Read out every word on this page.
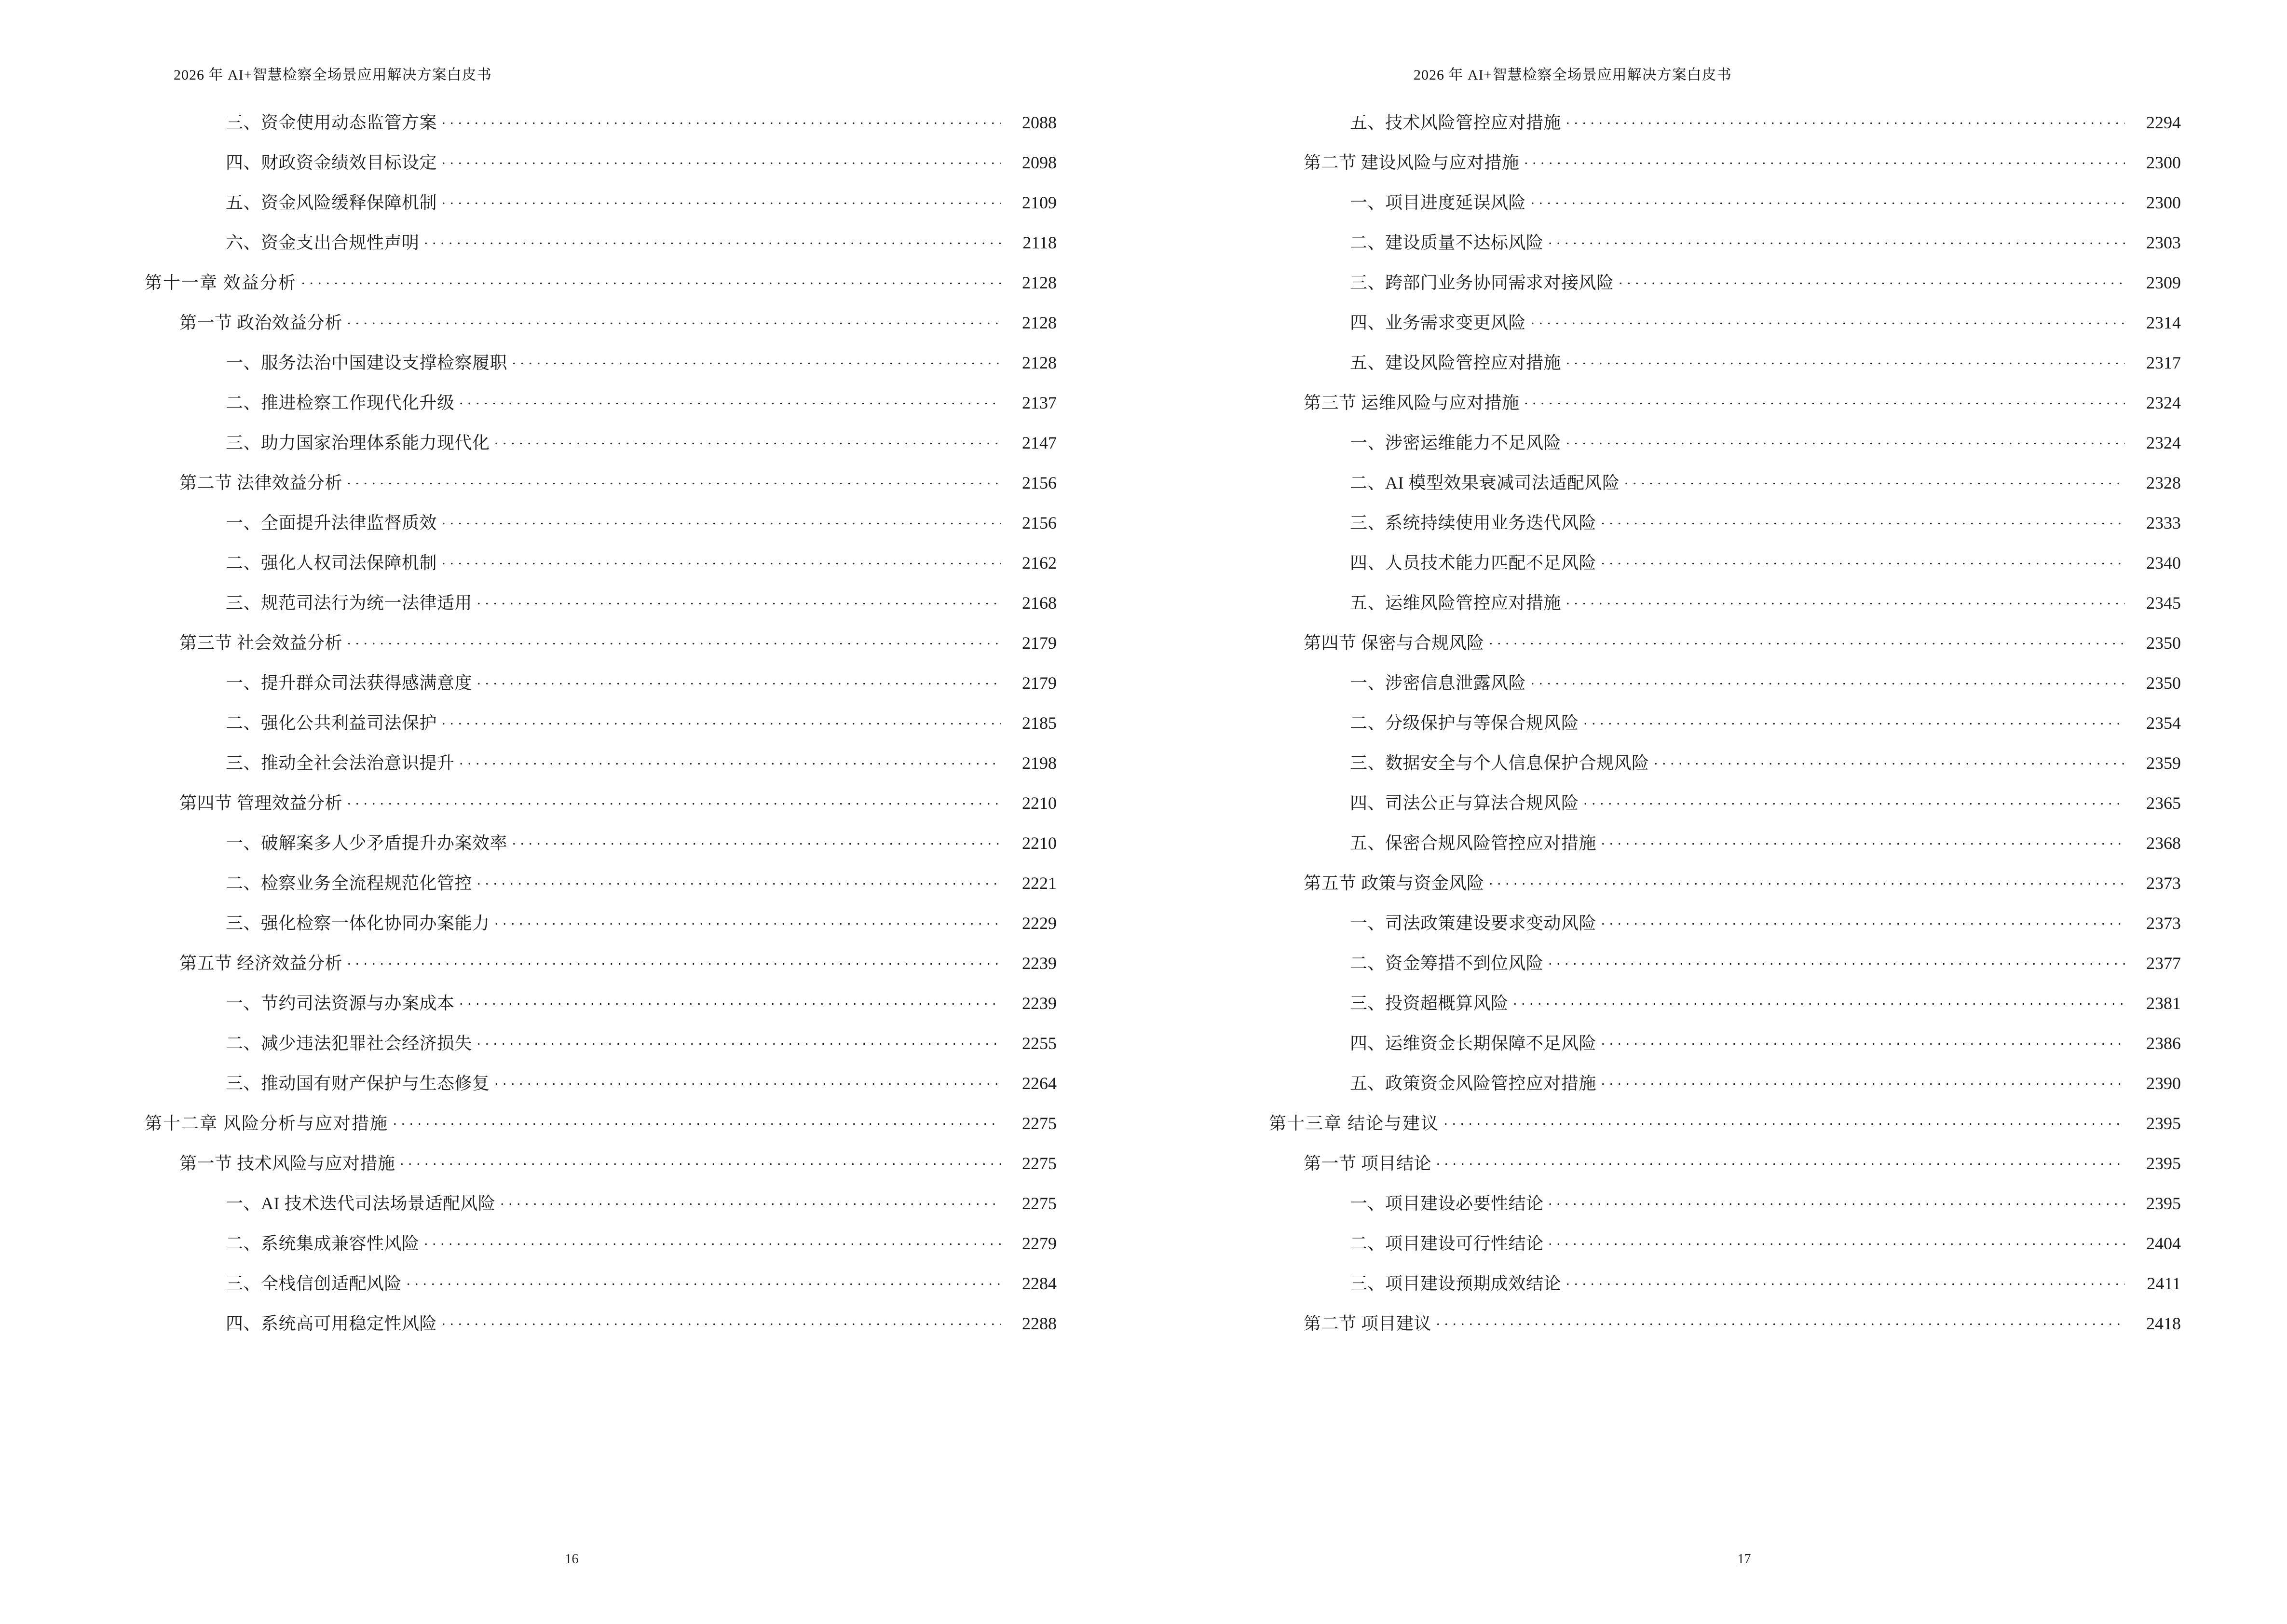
2026 年 AI+智慧检察全场景应用解决方案白皮书
三、资金使用动态监管方案 . . .	2088
四、财政资金绩效目标设定 . . .	2098
五、资金风险缓释保障机制 . . .	2109
六、资金支出合规性声明 . . .	2118
第十一章 效益分析 . . .	2128
第一节 政治效益分析 . . .	2128
一、服务法治中国建设支撑检察履职 . . .	2128
二、推进检察工作现代化升级 . . .	2137
三、助力国家治理体系能力现代化 . . .	2147
第二节 法律效益分析 . . .	2156
一、全面提升法律监督质效 . . .	2156
二、强化人权司法保障机制 . . .	2162
三、规范司法行为统一法律适用 . . .	2168
第三节 社会效益分析 . . .	2179
一、提升群众司法获得感满意度 . . .	2179
二、强化公共利益司法保护 . . .	2185
三、推动全社会法治意识提升 . . .	2198
第四节 管理效益分析 . . .	2210
一、破解案多人少矛盾提升办案效率 . . .	2210
二、检察业务全流程规范化管控 . . .	2221
三、强化检察一体化协同办案能力 . . .	2229
第五节 经济效益分析 . . .	2239
一、节约司法资源与办案成本 . . .	2239
二、减少违法犯罪社会经济损失 . . .	2255
三、推动国有财产保护与生态修复 . . .	2264
第十二章 风险分析与应对措施 . . .	2275
第一节 技术风险与应对措施 . . .	2275
一、AI 技术迭代司法场景适配风险 . . .	2275
二、系统集成兼容性风险 . . .	2279
三、全栈信创适配风险 . . .	2284
四、系统高可用稳定性风险 . . .	2288
16
2026 年 AI+智慧检察全场景应用解决方案白皮书
五、技术风险管控应对措施 . . .	2294
第二节 建设风险与应对措施 . . .	2300
一、项目进度延误风险 . . .	2300
二、建设质量不达标风险 . . .	2303
三、跨部门业务协同需求对接风险 . . .	2309
四、业务需求变更风险 . . .	2314
五、建设风险管控应对措施 . . .	2317
第三节 运维风险与应对措施 . . .	2324
一、涉密运维能力不足风险 . . .	2324
二、AI 模型效果衰减司法适配风险 . . .	2328
三、系统持续使用业务迭代风险 . . .	2333
四、人员技术能力匹配不足风险 . . .	2340
五、运维风险管控应对措施 . . .	2345
第四节 保密与合规风险 . . .	2350
一、涉密信息泄露风险 . . .	2350
二、分级保护与等保合规风险 . . .	2354
三、数据安全与个人信息保护合规风险 . . .	2359
四、司法公正与算法合规风险 . . .	2365
五、保密合规风险管控应对措施 . . .	2368
第五节 政策与资金风险 . . .	2373
一、司法政策建设要求变动风险 . . .	2373
二、资金筹措不到位风险 . . .	2377
三、投资超概算风险 . . .	2381
四、运维资金长期保障不足风险 . . .	2386
五、政策资金风险管控应对措施 . . .	2390
第十三章 结论与建议 . . .	2395
第一节 项目结论 . . .	2395
一、项目建设必要性结论 . . .	2395
二、项目建设可行性结论 . . .	2404
三、项目建设预期成效结论 . . .	2411
第二节 项目建议 . . .	2418
17
